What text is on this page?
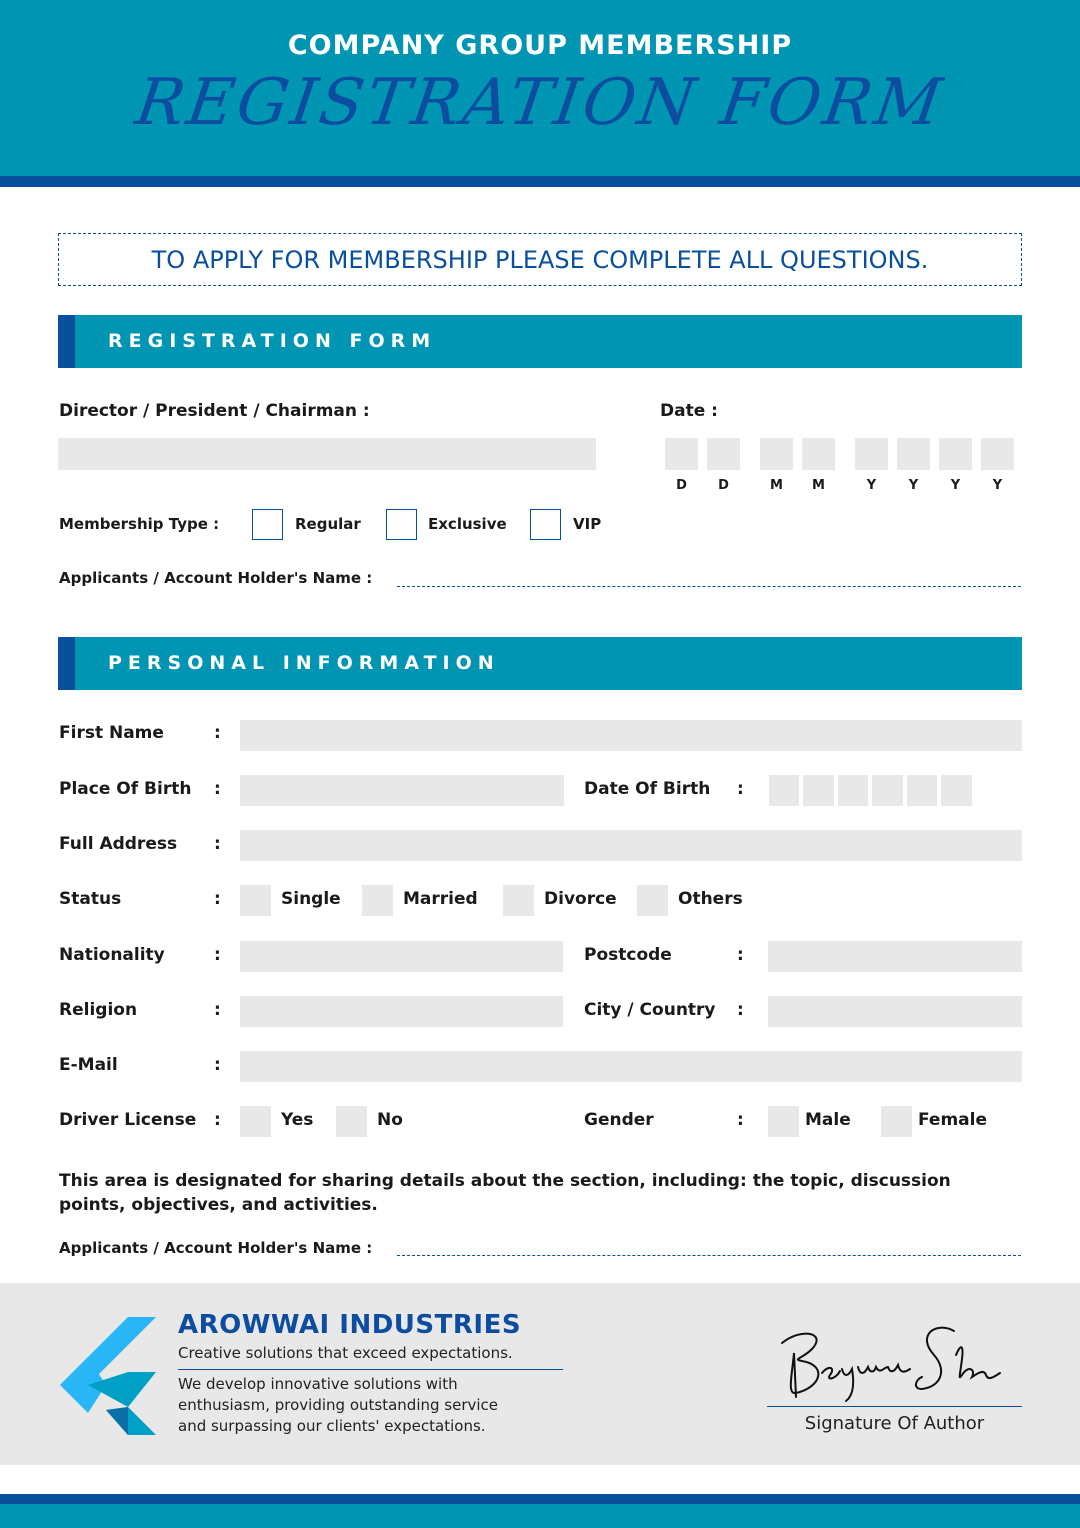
COMPANY GROUP MEMBERSHIP
REGISTRATION FORM
TO APPLY FOR MEMBERSHIP PLEASE COMPLETE ALL QUESTIONS.
REGISTRATION FORM
Director / President / Chairman :	Date :
D	D	M	M	Y	Y	Y	Y
Membership Type :	Regular	Exclusive	VIP
Applicants / Account Holder's Name :
PERSONAL INFORMATION
First Name	:
Place Of Birth :	Date Of Birth :
Full Address :
Status	:	Single	Married	Divorce	Others
Nationality	:	Postcode	:
Religion	:	City / Country :
E-Mail	:
Driver License :	Yes	No	Gender	:	Male	Female
This area is designated for sharing details about the section, including: the topic, discussion points, objectives, and activities.
Applicants / Account Holder's Name :
AROWWAI INDUSTRIES
Creative solutions that exceed expectations.
We develop innovative solutions with
enthusiasm, providing outstanding service
and surpassing our clients' expectations.	Signature Of Author
